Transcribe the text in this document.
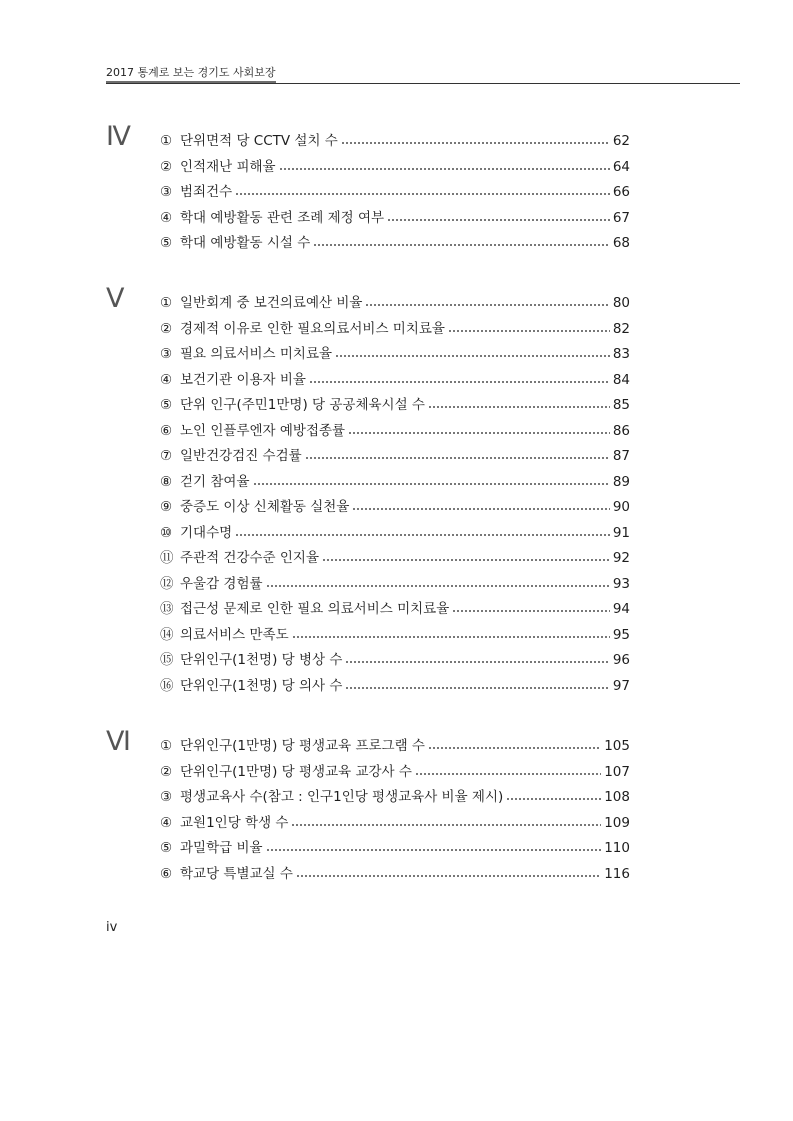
2017 통계로 보는 경기도 사회보장
Ⅳ ① 단위면적 당 CCTV 설치 수	62
② 인적재난 피해율	64
③ 범죄건수	66
④ 학대 예방활동 관련 조례 제정 여부	67
⑤ 학대 예방활동 시설 수	68
Ⅴ	① 일반회계 중 보건의료예산 비율	80
② 경제적 이유로 인한 필요의료서비스 미치료율	82
③ 필요 의료서비스 미치료율	83
④ 보건기관 이용자 비율	84
⑤ 단위 인구(주민1만명) 당 공공체육시설 수	85
⑥ 노인 인플루엔자 예방접종률	86
⑦ 일반건강검진 수검률	87
⑧ 걷기 참여율	89
⑨ 중증도 이상 신체활동 실천율	90
⑩ 기대수명	91
⑪ 주관적 건강수준 인지율	92
⑫ 우울감 경험률	93
⑬ 접근성 문제로 인한 필요 의료서비스 미치료율	94
⑭ 의료서비스 만족도	95
⑮ 단위인구(1천명) 당 병상 수	96
⑯ 단위인구(1천명) 당 의사 수	97
Ⅵ ① 단위인구(1만명) 당 평생교육 프로그램 수	105
② 단위인구(1만명) 당 평생교육 교강사 수	107
③ 평생교육사 수(참고 : 인구1인당 평생교육사 비율 제시)	108
④ 교원1인당 학생 수	109
⑤ 과밀학급 비율	110
⑥ 학교당 특별교실 수	116
iv
